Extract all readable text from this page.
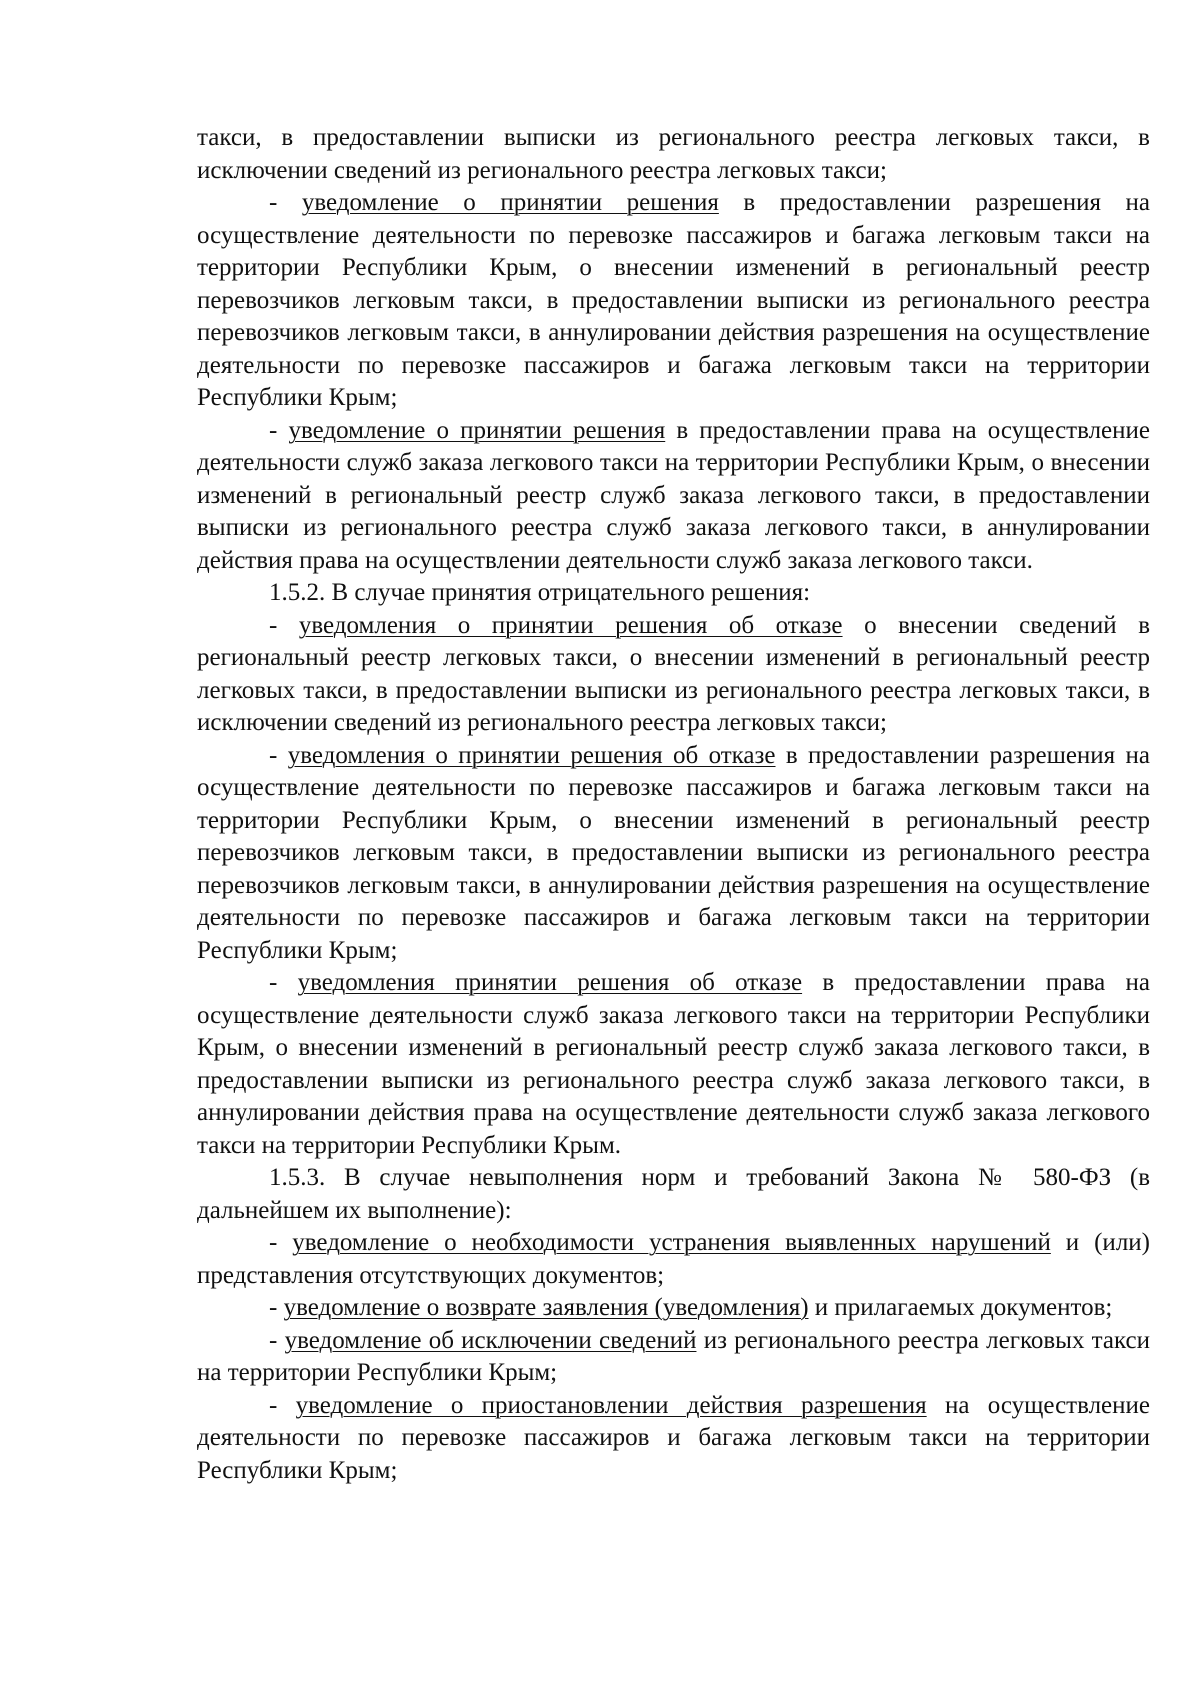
такси, в предоставлении выписки из регионального реестра легковых такси, в исключении сведений из регионального реестра легковых такси;

- уведомление о принятии решения в предоставлении разрешения на осуществление деятельности по перевозке пассажиров и багажа легковым такси на территории Республики Крым, о внесении изменений в региональный реестр перевозчиков легковым такси, в предоставлении выписки из регионального реестра перевозчиков легковым такси, в аннулировании действия разрешения на осуществление деятельности по перевозке пассажиров и багажа легковым такси на территории Республики Крым;

- уведомление о принятии решения в предоставлении права на осуществление деятельности служб заказа легкового такси на территории Республики Крым, о внесении изменений в региональный реестр служб заказа легкового такси, в предоставлении выписки из регионального реестра служб заказа легкового такси, в аннулировании действия права на осуществлении деятельности служб заказа легкового такси.

1.5.2. В случае принятия отрицательного решения:

- уведомления о принятии решения об отказе о внесении сведений в региональный реестр легковых такси, о внесении изменений в региональный реестр легковых такси, в предоставлении выписки из регионального реестра легковых такси, в исключении сведений из регионального реестра легковых такси;

- уведомления о принятии решения об отказе в предоставлении разрешения на осуществление деятельности по перевозке пассажиров и багажа легковым такси на территории Республики Крым, о внесении изменений в региональный реестр перевозчиков легковым такси, в предоставлении выписки из регионального реестра перевозчиков легковым такси, в аннулировании действия разрешения на осуществление деятельности по перевозке пассажиров и багажа легковым такси на территории Республики Крым;

- уведомления принятии решения об отказе в предоставлении права на осуществление деятельности служб заказа легкового такси на территории Республики Крым, о внесении изменений в региональный реестр служб заказа легкового такси, в предоставлении выписки из регионального реестра служб заказа легкового такси, в аннулировании действия права на осуществление деятельности служб заказа легкового такси на территории Республики Крым.

1.5.3. В случае невыполнения норм и требований Закона № 580-ФЗ (в дальнейшем их выполнение):

- уведомление о необходимости устранения выявленных нарушений и (или) представления отсутствующих документов;

- уведомление о возврате заявления (уведомления) и прилагаемых документов;

- уведомление об исключении сведений из регионального реестра легковых такси на территории Республики Крым;

- уведомление о приостановлении действия разрешения на осуществление деятельности по перевозке пассажиров и багажа легковым такси на территории Республики Крым;
